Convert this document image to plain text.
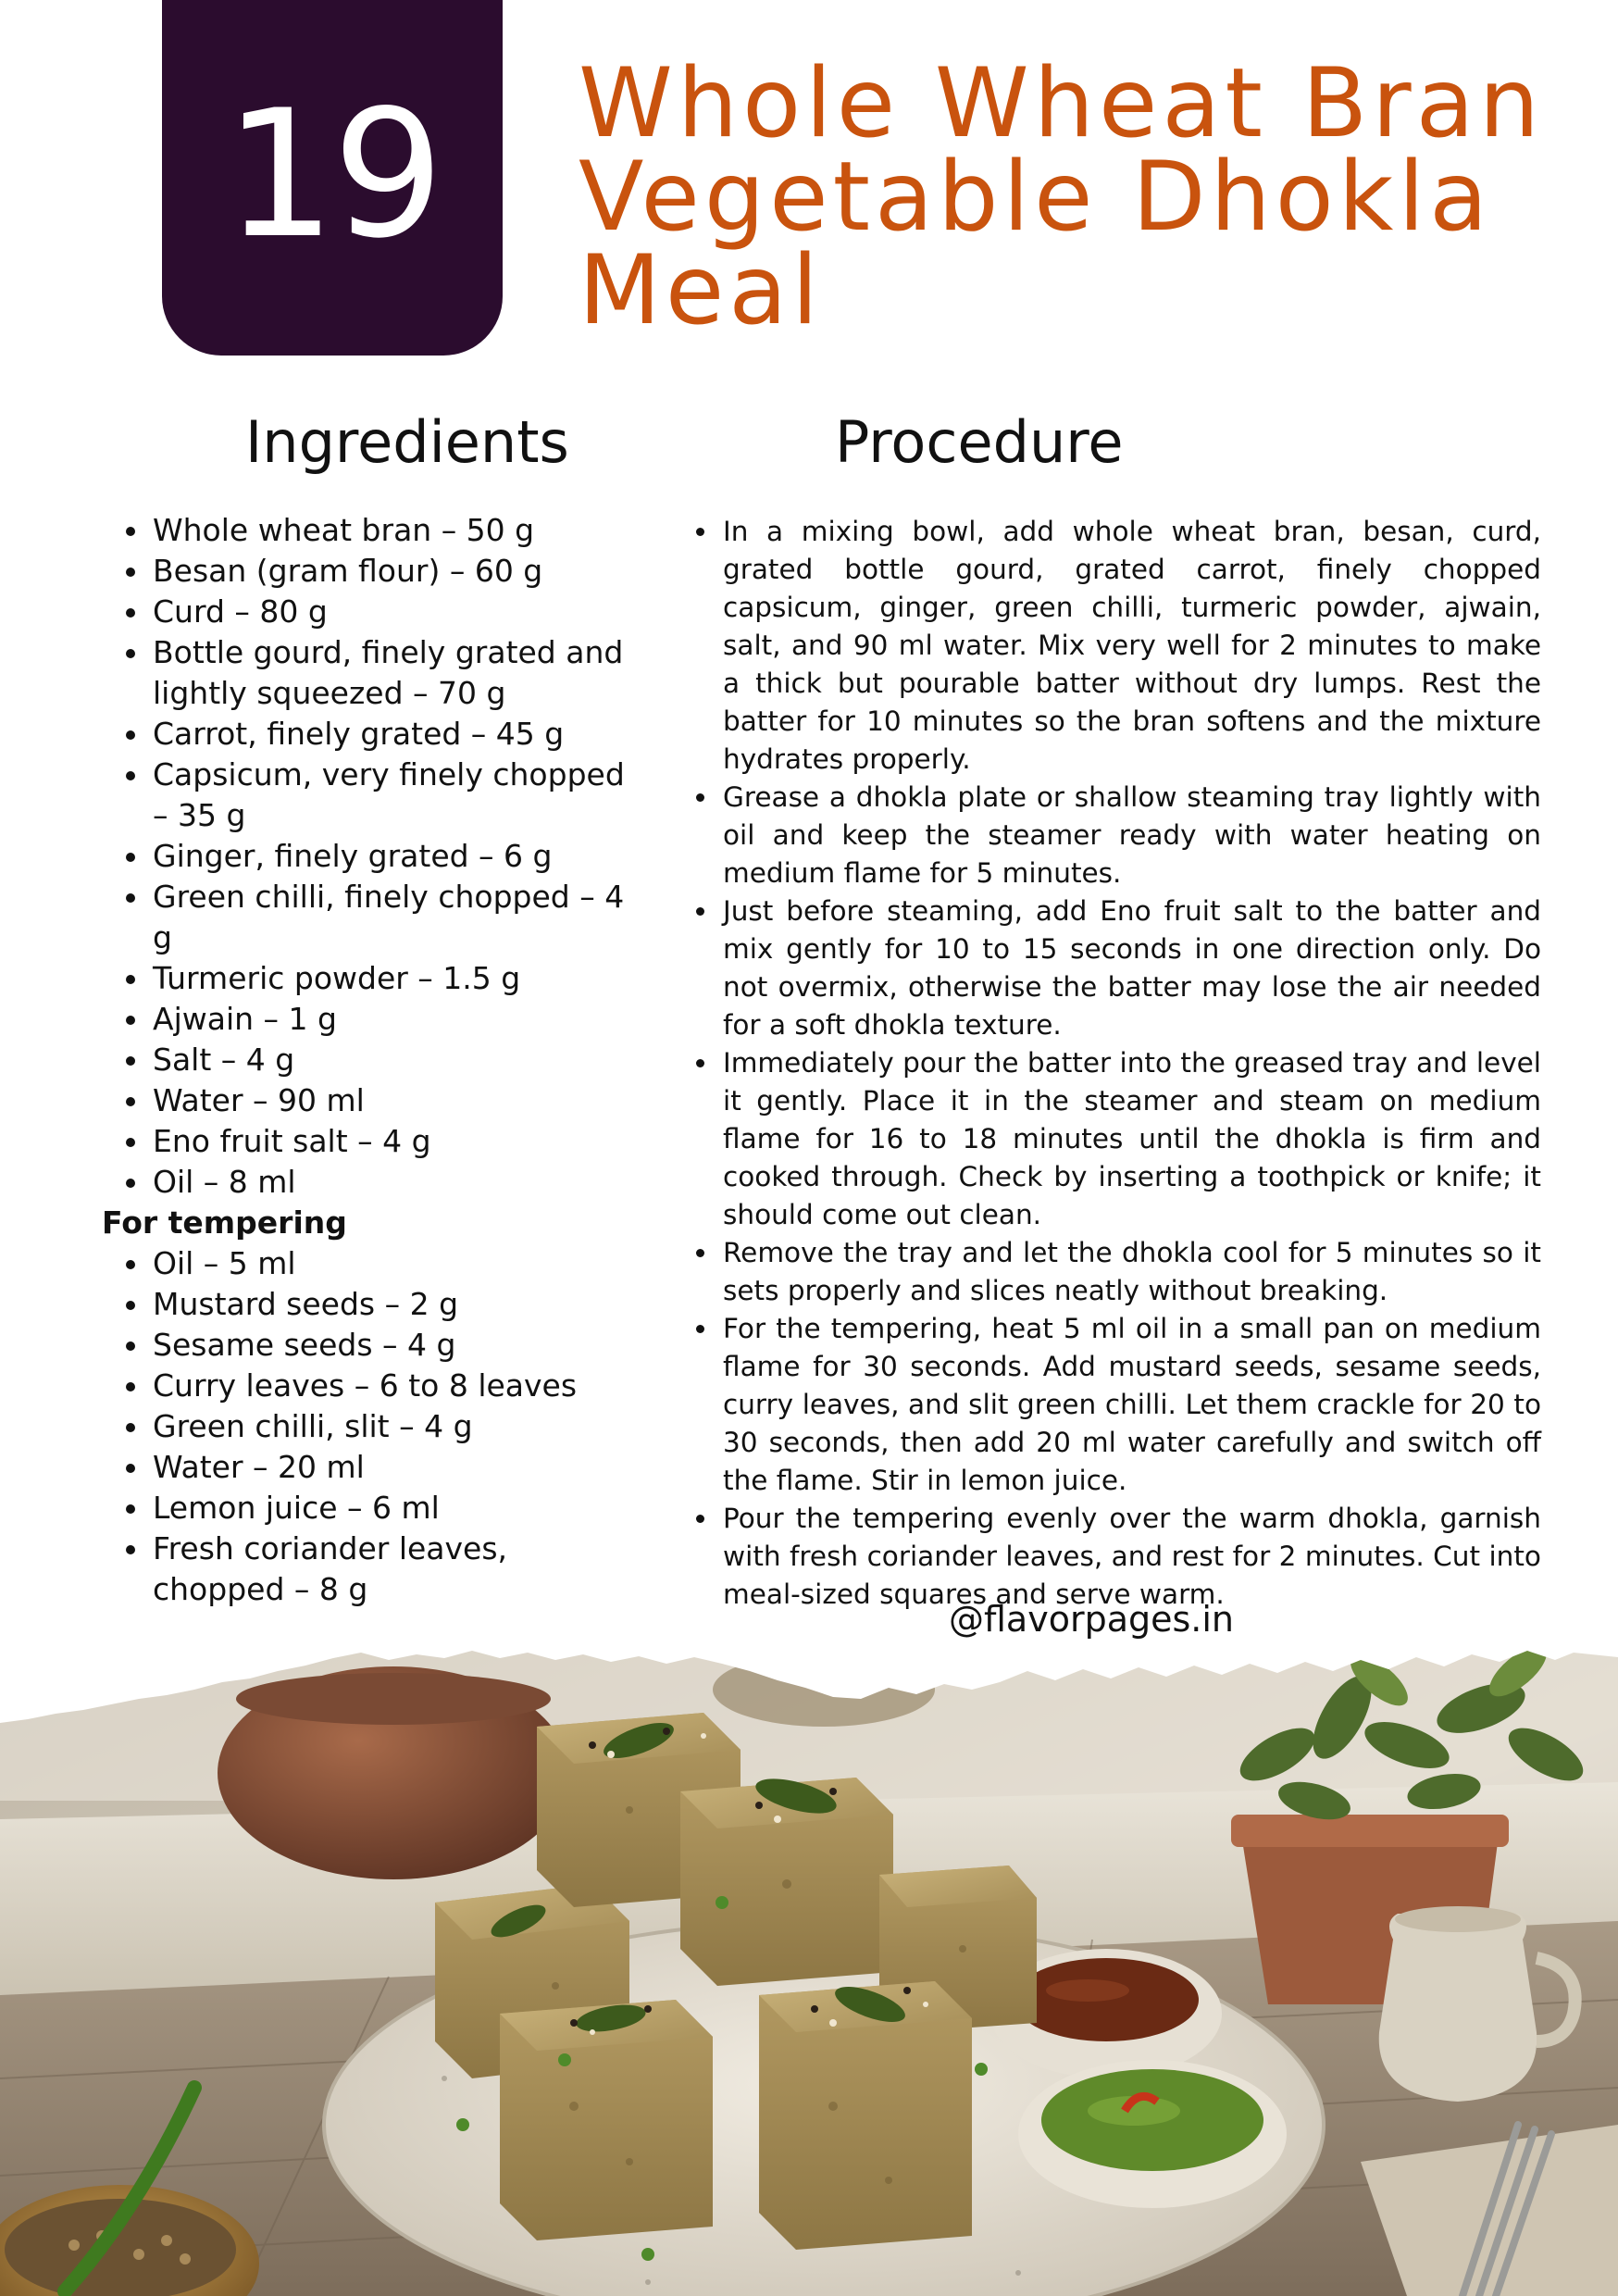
19 Whole Wheat Bran
Vegetable Dhokla
Meal
Ingredients	Procedure
Whole wheat bran – 50 g
Besan (gram flour) – 60 g
Curd – 80 g
Bottle gourd, finely grated and lightly squeezed – 70 g
Carrot, finely grated – 45 g
Capsicum, very finely chopped – 35 g
Ginger, finely grated – 6 g
Green chilli, finely chopped – 4 g
Turmeric powder – 1.5 g
Ajwain – 1 g
Salt – 4 g
Water – 90 ml
Eno fruit salt – 4 g
Oil – 8 ml
For tempering
Oil – 5 ml
Mustard seeds – 2 g
Sesame seeds – 4 g
Curry leaves – 6 to 8 leaves
Green chilli, slit – 4 g
Water – 20 ml
Lemon juice – 6 ml
Fresh coriander leaves, chopped – 8 g
In a mixing bowl, add whole wheat bran, besan, curd, grated bottle gourd, grated carrot, finely chopped capsicum, ginger, green chilli, turmeric powder, ajwain, salt, and 90 ml water. Mix very well for 2 minutes to make a thick but pourable batter without dry lumps. Rest the batter for 10 minutes so the bran softens and the mixture hydrates properly.
Grease a dhokla plate or shallow steaming tray lightly with oil and keep the steamer ready with water heating on medium flame for 5 minutes.
Just before steaming, add Eno fruit salt to the batter and mix gently for 10 to 15 seconds in one direction only. Do not overmix, otherwise the batter may lose the air needed for a soft dhokla texture.
Immediately pour the batter into the greased tray and level it gently. Place it in the steamer and steam on medium flame for 16 to 18 minutes until the dhokla is firm and cooked through. Check by inserting a toothpick or knife; it should come out clean.
Remove the tray and let the dhokla cool for 5 minutes so it sets properly and slices neatly without breaking.
For the tempering, heat 5 ml oil in a small pan on medium flame for 30 seconds. Add mustard seeds, sesame seeds, curry leaves, and slit green chilli. Let them crackle for 20 to 30 seconds, then add 20 ml water carefully and switch off the flame. Stir in lemon juice.
Pour the tempering evenly over the warm dhokla, garnish with fresh coriander leaves, and rest for 2 minutes. Cut into meal-sized squares and serve warm.
@flavorpages.in
